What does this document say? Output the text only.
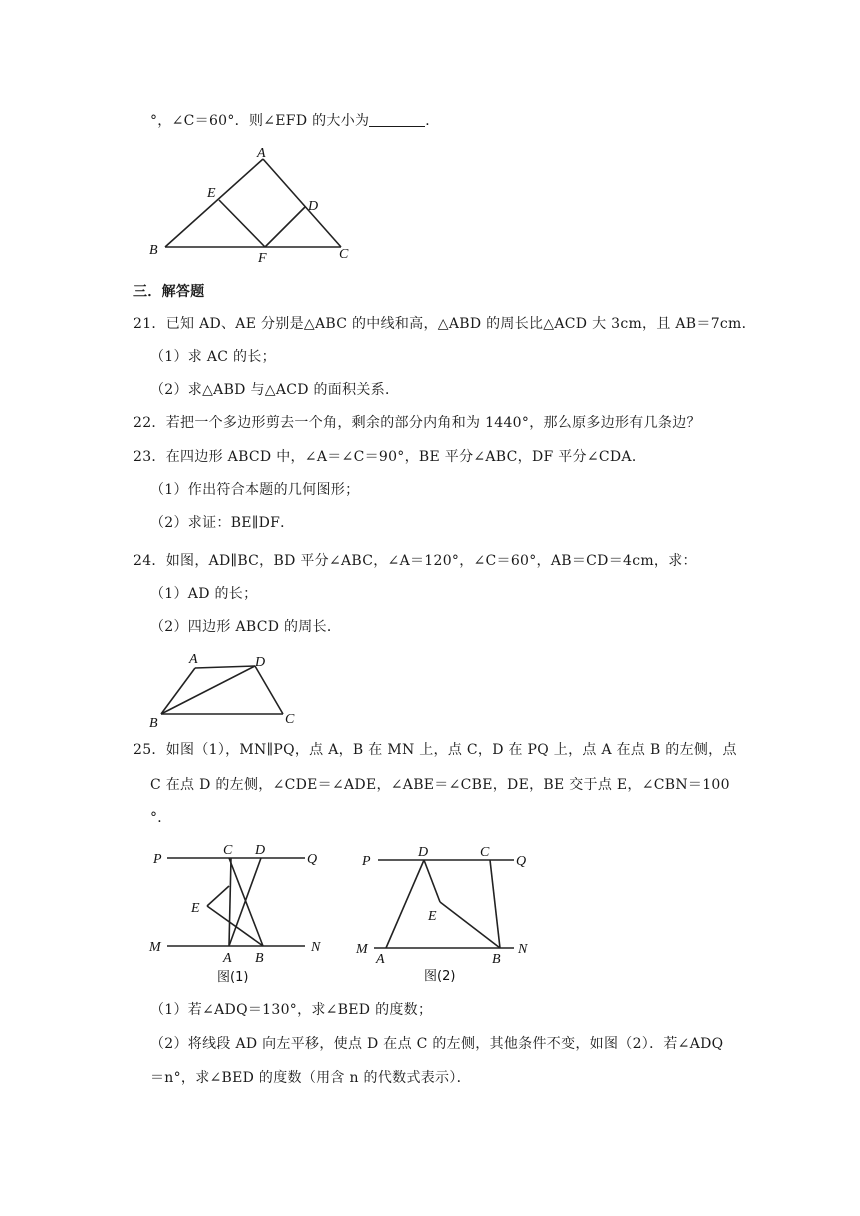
°，∠C＝60°．则∠EFD 的大小为	．
A
B	C
D
E
F
三．解答题
21．已知 AD、AE 分别是△ABC 的中线和高，△ABD 的周长比△ACD 大 3cm，且 AB＝7cm．
（1）求 AC 的长；
（2）求△ABD 与△ACD 的面积关系．
22．若把一个多边形剪去一个角，剩余的部分内角和为 1440°，那么原多边形有几条边？
23．在四边形 ABCD 中，∠A＝∠C＝90°，BE 平分∠ABC，DF 平分∠CDA．
（1）作出符合本题的几何图形；
（2）求证：BE∥DF．
24．如图，AD∥BC，BD 平分∠ABC，∠A＝120°，∠C＝60°，AB＝CD＝4cm，求：
（1）AD 的长；
（2）四边形 ABCD 的周长．
A	D
B	C
25．如图（1），MN∥PQ，点 A，B 在 MN 上，点 C，D 在 PQ 上，点 A 在点 B 的左侧，点
C 在点 D 的左侧，∠CDE＝∠ADE，∠ABE＝∠CBE，DE，BE 交于点 E，∠CBN＝100
°．
P	Q
M	N
C D
E
A B
图(1)
P	Q
M	N
D	C
E
A	B
图(2)
（1）若∠ADQ＝130°，求∠BED 的度数；
（2）将线段 AD 向左平移，使点 D 在点 C 的左侧，其他条件不变，如图（2）．若∠ADQ
＝n°，求∠BED 的度数（用含 n 的代数式表示）．
